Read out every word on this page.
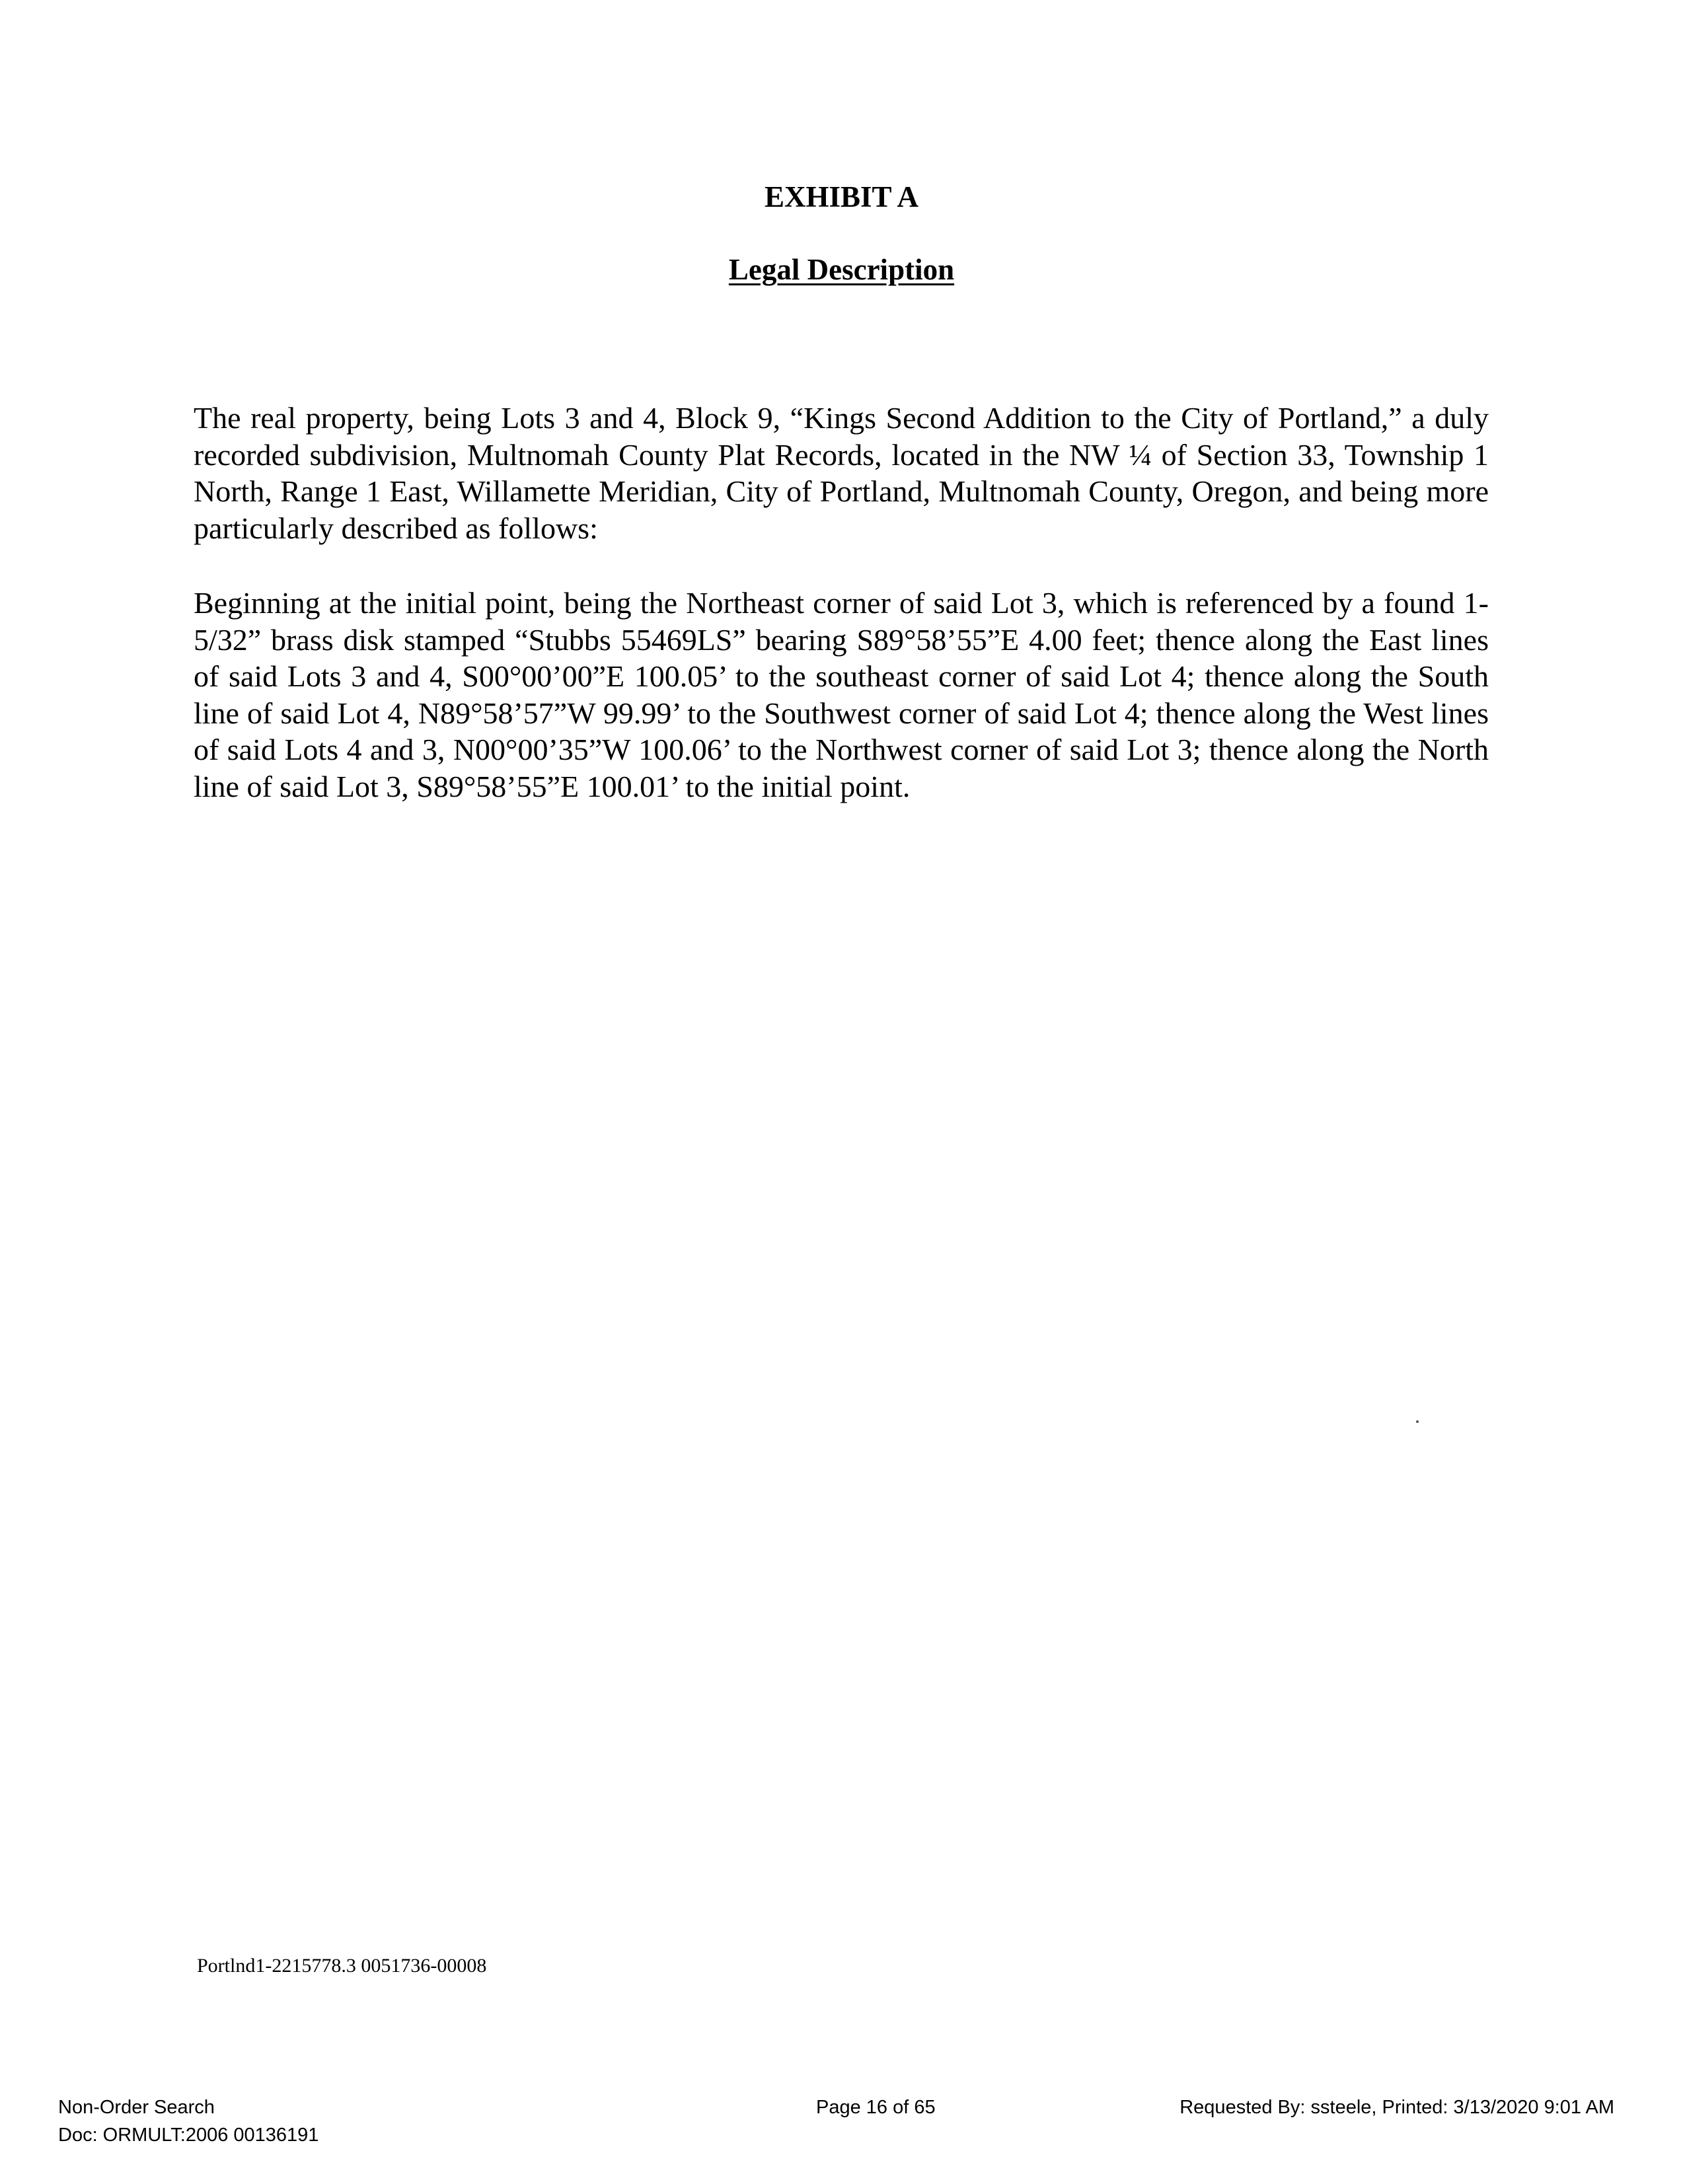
EXHIBIT A
Legal Description

The real property, being Lots 3 and 4, Block 9, “Kings Second Addition to the City of Portland,” a duly recorded subdivision, Multnomah County Plat Records, located in the NW ¼ of Section 33, Township 1 North, Range 1 East, Willamette Meridian, City of Portland, Multnomah County, Oregon, and being more particularly described as follows:

Beginning at the initial point, being the Northeast corner of said Lot 3, which is referenced by a found 1-5/32” brass disk stamped “Stubbs 55469LS” bearing S89°58’55”E 4.00 feet; thence along the East lines of said Lots 3 and 4, S00°00’00”E 100.05’ to the southeast corner of said Lot 4; thence along the South line of said Lot 4, N89°58’57”W 99.99’ to the Southwest corner of said Lot 4; thence along the West lines of said Lots 4 and 3, N00°00’35”W 100.06’ to the Northwest corner of said Lot 3; thence along the North line of said Lot 3, S89°58’55”E 100.01’ to the initial point.

Portlnd1-2215778.3 0051736-00008
Non-Order Search
Doc: ORMULT:2006 00136191
Page 16 of 65	Requested By: ssteele, Printed: 3/13/2020 9:01 AM
